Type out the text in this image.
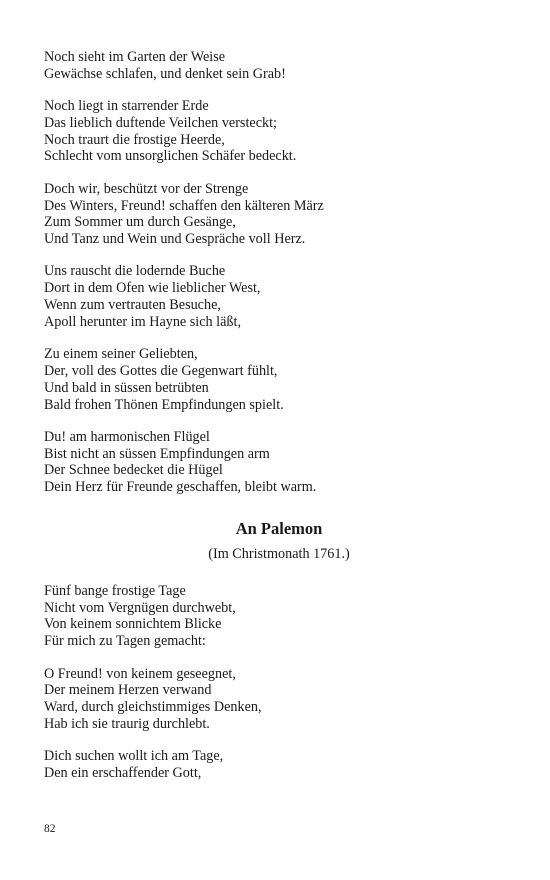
Noch sieht im Garten der Weise
Gewächse schlafen, und denket sein Grab!
Noch liegt in starrender Erde
Das lieblich duftende Veilchen versteckt;
Noch traurt die frostige Heerde,
Schlecht vom unsorglichen Schäfer bedeckt.
Doch wir, beschützt vor der Strenge
Des Winters, Freund! schaffen den kälteren März
Zum Sommer um durch Gesänge,
Und Tanz und Wein und Gespräche voll Herz.
Uns rauscht die lodernde Buche
Dort in dem Ofen wie lieblicher West,
Wenn zum vertrauten Besuche,
Apoll herunter im Hayne sich läßt,
Zu einem seiner Geliebten,
Der, voll des Gottes die Gegenwart fühlt,
Und bald in süssen betrübten
Bald frohen Thönen Empfindungen spielt.
Du! am harmonischen Flügel
Bist nicht an süssen Empfindungen arm
Der Schnee bedecket die Hügel
Dein Herz für Freunde geschaffen, bleibt warm.
An Palemon
(Im Christmonath 1761.)
Fünf bange frostige Tage
Nicht vom Vergnügen durchwebt,
Von keinem sonnichtem Blicke
Für mich zu Tagen gemacht:
O Freund! von keinem geseegnet,
Der meinem Herzen verwand
Ward, durch gleichstimmiges Denken,
Hab ich sie traurig durchlebt.
Dich suchen wollt ich am Tage,
Den ein erschaffender Gott,
82
